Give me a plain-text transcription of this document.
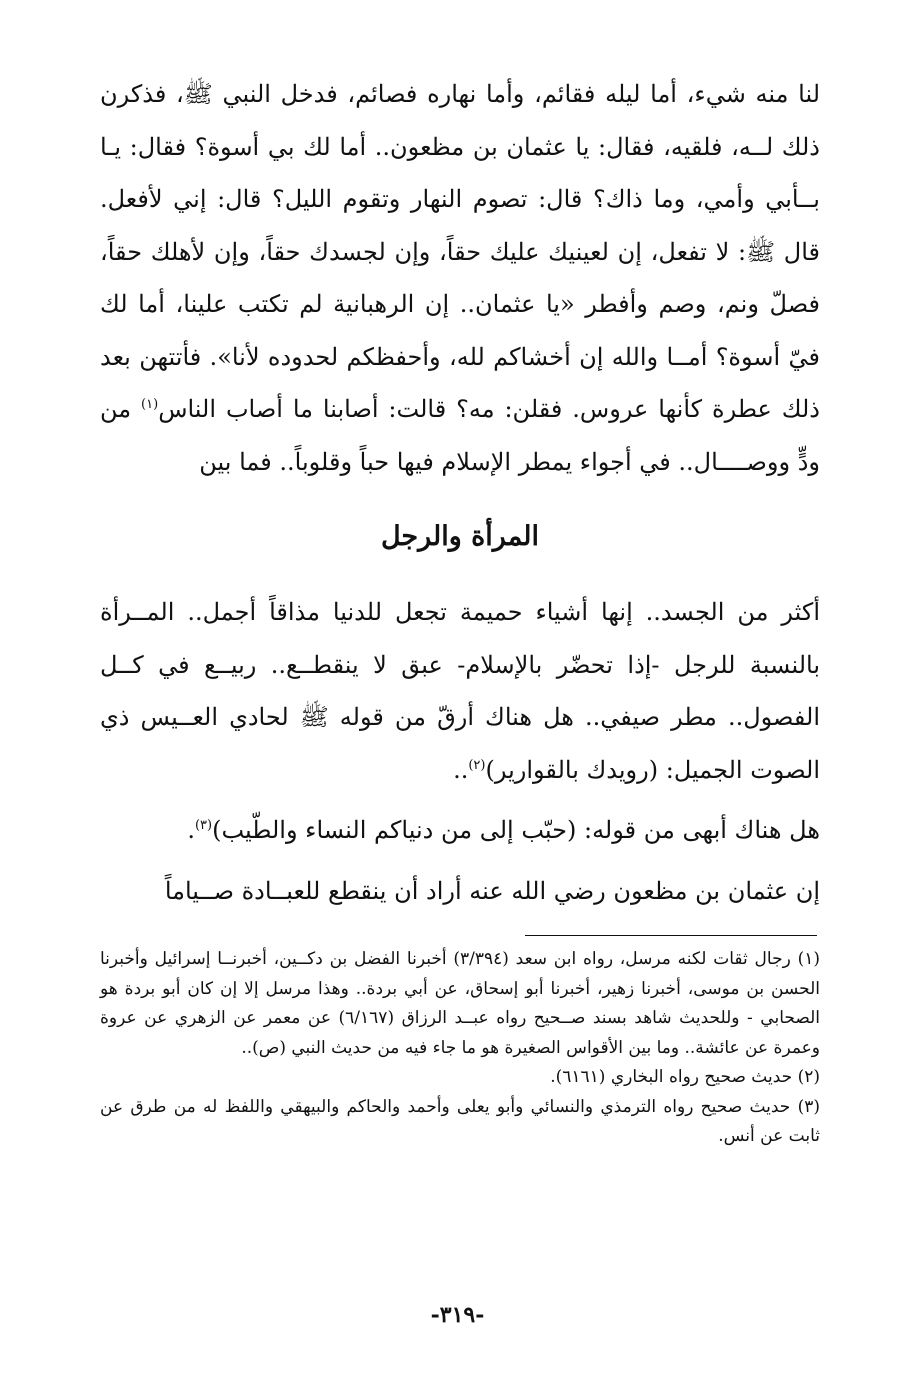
لنا منه شيء، أما ليله فقائم، وأما نهاره فصائم، فدخل النبي ﷺ، فذكرن ذلك لــه، فلقيه، فقال: يا عثمان بن مظعون.. أما لك بي أسوة؟ فقال: يـا بــأبي وأمي، وما ذاك؟ قال: تصوم النهار وتقوم الليل؟ قال: إني لأفعل. قال ﷺ: لا تفعل، إن لعينيك عليك حقاً، وإن لجسدك حقاً، وإن لأهلك حقاً، فصلّ ونم، وصم وأفطر «يا عثمان.. إن الرهبانية لم تكتب علينا، أما لك فيّ أسوة؟ أمــا والله إن أخشاكم لله، وأحفظكم لحدوده لأنا». فأتتهن بعد ذلك عطرة كأنها عروس. فقلن: مه؟ قالت: أصابنا ما أصاب الناس$^{(١)}$ من ودٍّ ووصــــال.. في أجواء يمطر الإسلام فيها حباً وقلوباً.. فما بين

المرأة والرجل

أكثر من الجسد.. إنها أشياء حميمة تجعل للدنيا مذاقاً أجمل.. المــرأة بالنسبة للرجل -إذا تحضّر بالإسلام- عبق لا ينقطــع.. ربيــع في كــل الفصول.. مطر صيفي.. هل هناك أرقّ من قوله ﷺ لحادي العــيس ذي الصوت الجميل: (رويدك بالقوارير)$^{(٢)}$..

هل هناك أبهى من قوله: (حبّب إلى من دنياكم النساء والطّيب)$^{(٣)}$.

إن عثمان بن مظعون رضي الله عنه أراد أن ينقطع للعبــادة صــياماً

(١) رجال ثقات لكنه مرسل، رواه ابن سعد (٣/٣٩٤) أخبرنا الفضل بن دكــين، أخبرنــا إسرائيل وأخبرنا الحسن بن موسى، أخبرنا زهير، أخبرنا أبو إسحاق، عن أبي بردة.. وهذا مرسل إلا إن كان أبو بردة هو الصحابي - وللحديث شاهد بسند صــحيح رواه عبــد الرزاق (٦/١٦٧) عن معمر عن الزهري عن عروة وعمرة عن عائشة.. وما بين الأقواس الصغيرة هو ما جاء فيه من حديث النبي (ص)..

(٢) حديث صحيح رواه البخاري (٦١٦١).

(٣) حديث صحيح رواه الترمذي والنسائي وأبو يعلى وأحمد والحاكم والبيهقي واللفظ له من طرق عن ثابت عن أنس.

-٣١٩-
